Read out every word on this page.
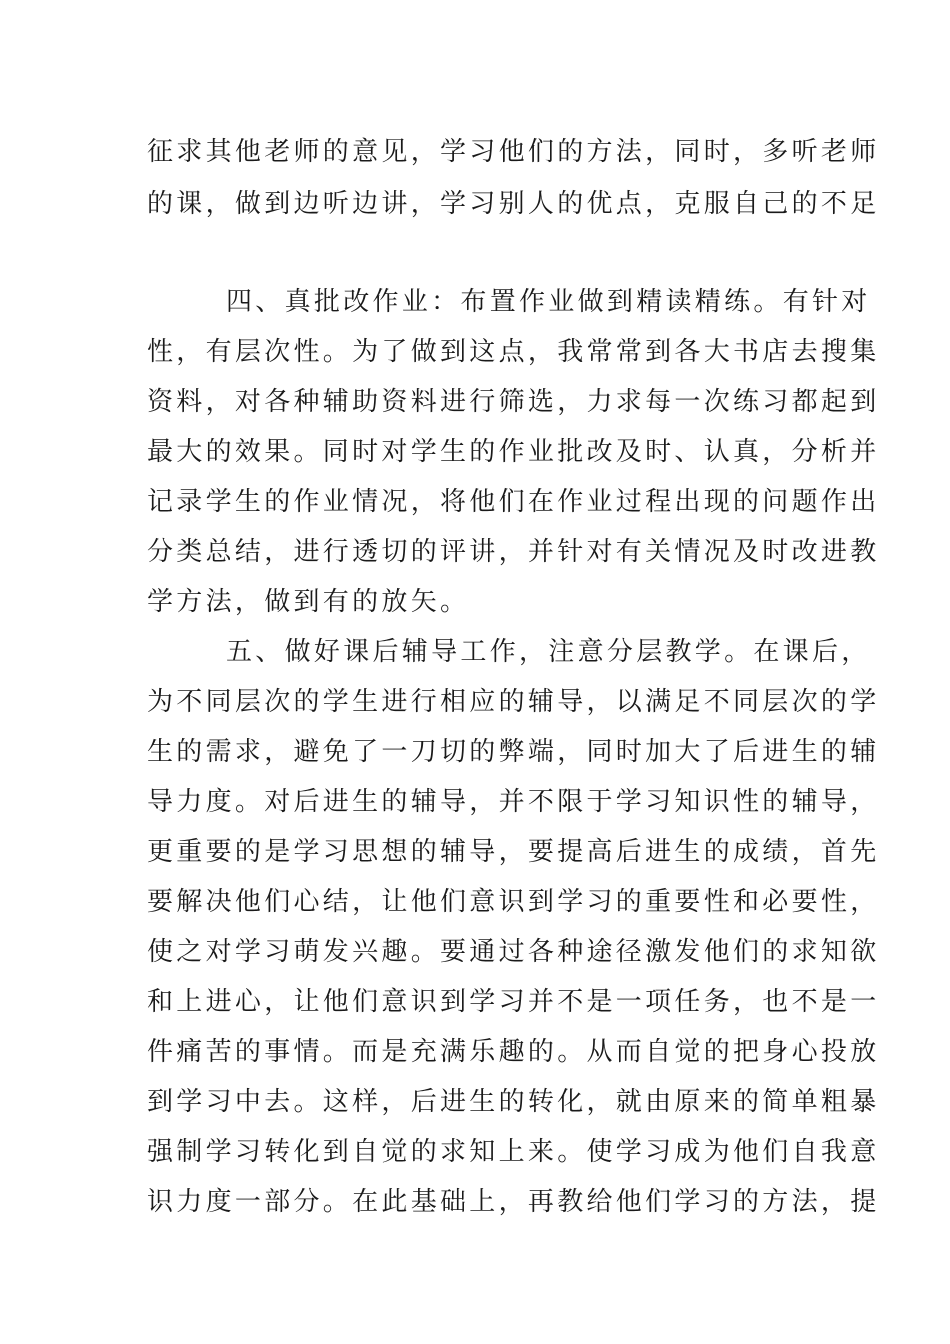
征求其他老师的意见，学习他们的方法，同时，多听老师
的课，做到边听边讲，学习别人的优点，克服自己的不足
四、真批改作业：布置作业做到精读精练。有针对
性，有层次性。为了做到这点，我常常到各大书店去搜集
资料，对各种辅助资料进行筛选，力求每一次练习都起到
最大的效果。同时对学生的作业批改及时、认真，分析并
记录学生的作业情况，将他们在作业过程出现的问题作出
分类总结，进行透切的评讲，并针对有关情况及时改进教
学方法，做到有的放矢。
五、做好课后辅导工作，注意分层教学。在课后，
为不同层次的学生进行相应的辅导，以满足不同层次的学
生的需求，避免了一刀切的弊端，同时加大了后进生的辅
导力度。对后进生的辅导，并不限于学习知识性的辅导，
更重要的是学习思想的辅导，要提高后进生的成绩，首先
要解决他们心结，让他们意识到学习的重要性和必要性，
使之对学习萌发兴趣。要通过各种途径激发他们的求知欲
和上进心，让他们意识到学习并不是一项任务，也不是一
件痛苦的事情。而是充满乐趣的。从而自觉的把身心投放
到学习中去。这样，后进生的转化，就由原来的简单粗暴
强制学习转化到自觉的求知上来。使学习成为他们自我意
识力度一部分。在此基础上，再教给他们学习的方法，提
